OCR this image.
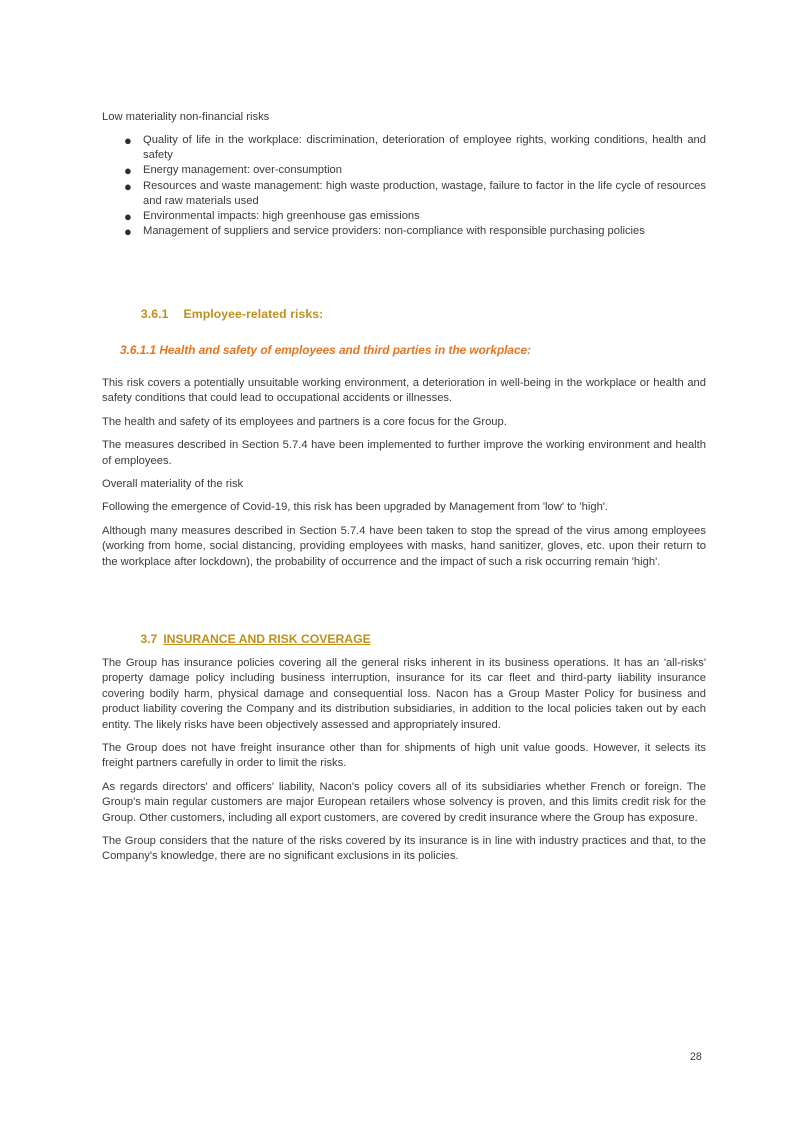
Low materiality non-financial risks

● Quality of life in the workplace: discrimination, deterioration of employee rights, working conditions, health and safety
● Energy management: over-consumption
● Resources and waste management: high waste production, wastage, failure to factor in the life cycle of resources and raw materials used
● Environmental impacts: high greenhouse gas emissions
● Management of suppliers and service providers: non-compliance with responsible purchasing policies

3.6.1 Employee-related risks:

3.6.1.1 Health and safety of employees and third parties in the workplace:

This risk covers a potentially unsuitable working environment, a deterioration in well-being in the workplace or health and safety conditions that could lead to occupational accidents or illnesses.

The health and safety of its employees and partners is a core focus for the Group.

The measures described in Section 5.7.4 have been implemented to further improve the working environment and health of employees.

Overall materiality of the risk

Following the emergence of Covid-19, this risk has been upgraded by Management from 'low' to 'high'.

Although many measures described in Section 5.7.4 have been taken to stop the spread of the virus among employees (working from home, social distancing, providing employees with masks, hand sanitizer, gloves, etc. upon their return to the workplace after lockdown), the probability of occurrence and the impact of such a risk occurring remain 'high'.

3.7 INSURANCE AND RISK COVERAGE

The Group has insurance policies covering all the general risks inherent in its business operations. It has an 'all-risks' property damage policy including business interruption, insurance for its car fleet and third-party liability insurance covering bodily harm, physical damage and consequential loss. Nacon has a Group Master Policy for business and product liability covering the Company and its distribution subsidiaries, in addition to the local policies taken out by each entity. The likely risks have been objectively assessed and appropriately insured.

The Group does not have freight insurance other than for shipments of high unit value goods. However, it selects its freight partners carefully in order to limit the risks.

As regards directors' and officers' liability, Nacon's policy covers all of its subsidiaries whether French or foreign. The Group's main regular customers are major European retailers whose solvency is proven, and this limits credit risk for the Group. Other customers, including all export customers, are covered by credit insurance where the Group has exposure.

The Group considers that the nature of the risks covered by its insurance is in line with industry practices and that, to the Company's knowledge, there are no significant exclusions in its policies.

28
